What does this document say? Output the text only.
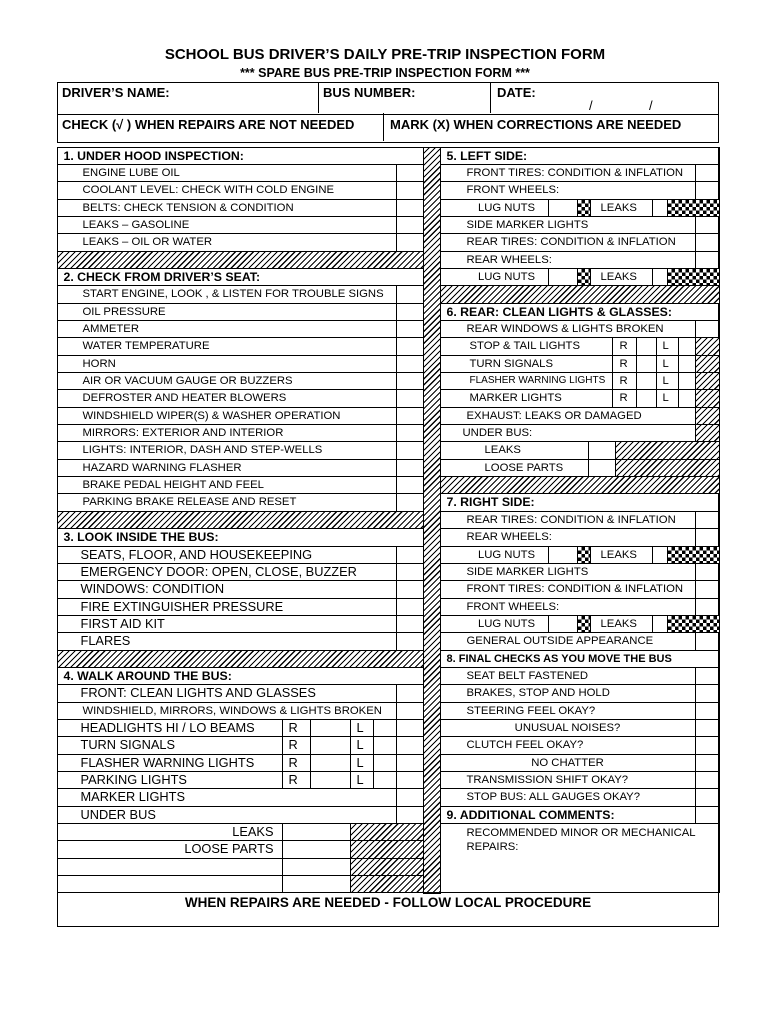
SCHOOL BUS DRIVER’S DAILY PRE-TRIP INSPECTION FORM
*** SPARE BUS PRE-TRIP INSPECTION FORM ***
DRIVER’S NAME:	BUS NUMBER:	DATE:
/	/
CHECK (√ ) WHEN REPAIRS ARE NOT NEEDED	MARK (X) WHEN CORRECTIONS ARE NEEDED
1. UNDER HOOD INSPECTION:
ENGINE LUBE OIL
COOLANT LEVEL: CHECK WITH COLD ENGINE
BELTS: CHECK TENSION & CONDITION
LEAKS – GASOLINE
LEAKS – OIL OR WATER
2. CHECK FROM DRIVER’S SEAT:
START ENGINE, LOOK , & LISTEN FOR TROUBLE SIGNS
OIL PRESSURE
AMMETER
WATER TEMPERATURE
HORN
AIR OR VACUUM GAUGE OR BUZZERS
DEFROSTER AND HEATER BLOWERS
WINDSHIELD WIPER(S) & WASHER OPERATION
MIRRORS: EXTERIOR AND INTERIOR
LIGHTS: INTERIOR, DASH AND STEP-WELLS
HAZARD WARNING FLASHER
BRAKE PEDAL HEIGHT AND FEEL
PARKING BRAKE RELEASE AND RESET
3. LOOK INSIDE THE BUS:
SEATS, FLOOR, AND HOUSEKEEPING
EMERGENCY DOOR: OPEN, CLOSE, BUZZER
WINDOWS: CONDITION
FIRE EXTINGUISHER PRESSURE
FIRST AID KIT
FLARES
4. WALK AROUND THE BUS:
FRONT: CLEAN LIGHTS AND GLASSES
WINDSHIELD, MIRRORS, WINDOWS & LIGHTS BROKEN
HEADLIGHTS HI / LO BEAMS	R	L
TURN SIGNALS	R	L
FLASHER WARNING LIGHTS	R	L
PARKING LIGHTS	R	L
MARKER LIGHTS
UNDER BUS
LEAKS
LOOSE PARTS
5. LEFT SIDE:
FRONT TIRES: CONDITION & INFLATION
FRONT WHEELS:
LUG NUTS	LEAKS
SIDE MARKER LIGHTS
REAR TIRES: CONDITION & INFLATION
REAR WHEELS:
LUG NUTS	LEAKS
6. REAR: CLEAN LIGHTS & GLASSES:
REAR WINDOWS & LIGHTS BROKEN
STOP & TAIL LIGHTS	R	L
TURN SIGNALS	R	L
FLASHER WARNING LIGHTS	R	L
MARKER LIGHTS	R	L
EXHAUST: LEAKS OR DAMAGED
UNDER BUS:
LEAKS
LOOSE PARTS
7. RIGHT SIDE:
REAR TIRES: CONDITION & INFLATION
REAR WHEELS:
LUG NUTS	LEAKS
SIDE MARKER LIGHTS
FRONT TIRES: CONDITION & INFLATION
FRONT WHEELS:
LUG NUTS	LEAKS
GENERAL OUTSIDE APPEARANCE
8. FINAL CHECKS AS YOU MOVE THE BUS
SEAT BELT FASTENED
BRAKES, STOP AND HOLD
STEERING FEEL OKAY?
UNUSUAL NOISES?
CLUTCH FEEL OKAY?
NO CHATTER
TRANSMISSION SHIFT OKAY?
STOP BUS: ALL GAUGES OKAY?
9. ADDITIONAL COMMENTS:
RECOMMENDED MINOR OR MECHANICAL
REPAIRS:
WHEN REPAIRS ARE NEEDED - FOLLOW LOCAL PROCEDURE
